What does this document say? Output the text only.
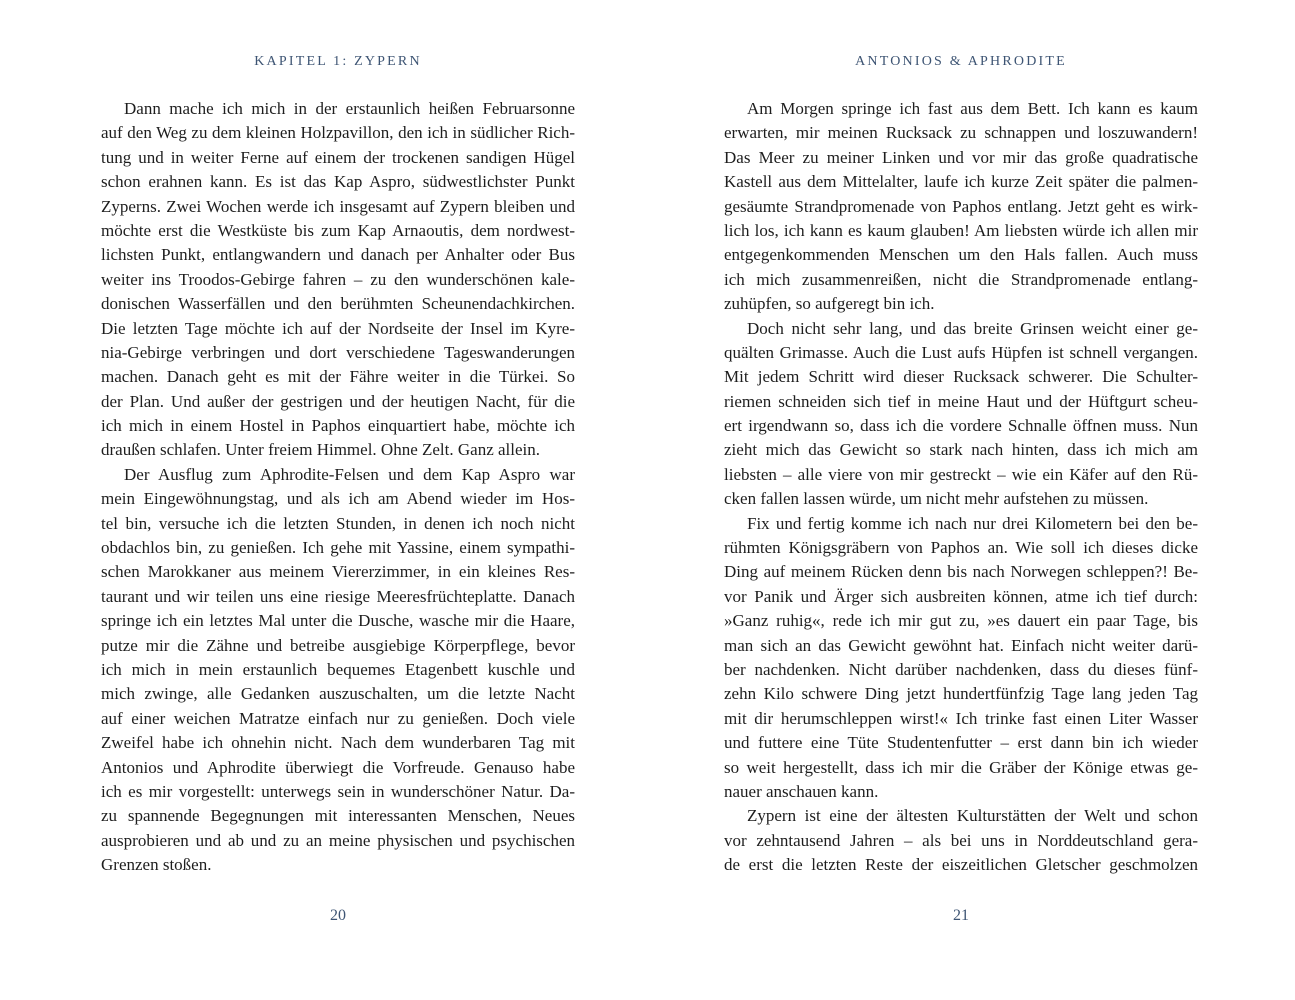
KAPITEL 1: ZYPERN
Dann mache ich mich in der erstaunlich heißen Februarsonne
auf den Weg zu dem kleinen Holzpavillon, den ich in südlicher Rich-
tung und in weiter Ferne auf einem der trockenen sandigen Hügel
schon erahnen kann. Es ist das Kap Aspro, südwestlichster Punkt
Zyperns. Zwei Wochen werde ich insgesamt auf Zypern bleiben und
möchte erst die Westküste bis zum Kap Arnaoutis, dem nordwest-
lichsten Punkt, entlangwandern und danach per Anhalter oder Bus
weiter ins Troodos-Gebirge fahren – zu den wunderschönen kale-
donischen Wasserfällen und den berühmten Scheunendachkirchen.
Die letzten Tage möchte ich auf der Nordseite der Insel im Kyre-
nia-Gebirge verbringen und dort verschiedene Tageswanderungen
machen. Danach geht es mit der Fähre weiter in die Türkei. So
der Plan. Und außer der gestrigen und der heutigen Nacht, für die
ich mich in einem Hostel in Paphos einquartiert habe, möchte ich
draußen schlafen. Unter freiem Himmel. Ohne Zelt. Ganz allein.
Der Ausflug zum Aphrodite-Felsen und dem Kap Aspro war
mein Eingewöhnungstag, und als ich am Abend wieder im Hos-
tel bin, versuche ich die letzten Stunden, in denen ich noch nicht
obdachlos bin, zu genießen. Ich gehe mit Yassine, einem sympathi-
schen Marokkaner aus meinem Viererzimmer, in ein kleines Res-
taurant und wir teilen uns eine riesige Meeresfrüchteplatte. Danach
springe ich ein letztes Mal unter die Dusche, wasche mir die Haare,
putze mir die Zähne und betreibe ausgiebige Körperpflege, bevor
ich mich in mein erstaunlich bequemes Etagenbett kuschle und
mich zwinge, alle Gedanken auszuschalten, um die letzte Nacht
auf einer weichen Matratze einfach nur zu genießen. Doch viele
Zweifel habe ich ohnehin nicht. Nach dem wunderbaren Tag mit
Antonios und Aphrodite überwiegt die Vorfreude. Genauso habe
ich es mir vorgestellt: unterwegs sein in wunderschöner Natur. Da-
zu spannende Begegnungen mit interessanten Menschen, Neues
ausprobieren und ab und zu an meine physischen und psychischen
Grenzen stoßen.
20
ANTONIOS & APHRODITE
Am Morgen springe ich fast aus dem Bett. Ich kann es kaum
erwarten, mir meinen Rucksack zu schnappen und loszuwandern!
Das Meer zu meiner Linken und vor mir das große quadratische
Kastell aus dem Mittelalter, laufe ich kurze Zeit später die palmen-
gesäumte Strandpromenade von Paphos entlang. Jetzt geht es wirk-
lich los, ich kann es kaum glauben! Am liebsten würde ich allen mir
entgegenkommenden Menschen um den Hals fallen. Auch muss
ich mich zusammenreißen, nicht die Strandpromenade entlang-
zuhüpfen, so aufgeregt bin ich.
Doch nicht sehr lang, und das breite Grinsen weicht einer ge-
quälten Grimasse. Auch die Lust aufs Hüpfen ist schnell vergangen.
Mit jedem Schritt wird dieser Rucksack schwerer. Die Schulter-
riemen schneiden sich tief in meine Haut und der Hüftgurt scheu-
ert irgendwann so, dass ich die vordere Schnalle öffnen muss. Nun
zieht mich das Gewicht so stark nach hinten, dass ich mich am
liebsten – alle viere von mir gestreckt – wie ein Käfer auf den Rü-
cken fallen lassen würde, um nicht mehr aufstehen zu müssen.
Fix und fertig komme ich nach nur drei Kilometern bei den be-
rühmten Königsgräbern von Paphos an. Wie soll ich dieses dicke
Ding auf meinem Rücken denn bis nach Norwegen schleppen?! Be-
vor Panik und Ärger sich ausbreiten können, atme ich tief durch:
»Ganz ruhig«, rede ich mir gut zu, »es dauert ein paar Tage, bis
man sich an das Gewicht gewöhnt hat. Einfach nicht weiter darü-
ber nachdenken. Nicht darüber nachdenken, dass du dieses fünf-
zehn Kilo schwere Ding jetzt hundertfünfzig Tage lang jeden Tag
mit dir herumschleppen wirst!« Ich trinke fast einen Liter Wasser
und futtere eine Tüte Studentenfutter – erst dann bin ich wieder
so weit hergestellt, dass ich mir die Gräber der Könige etwas ge-
nauer anschauen kann.
Zypern ist eine der ältesten Kulturstätten der Welt und schon
vor zehntausend Jahren – als bei uns in Norddeutschland gera-
de erst die letzten Reste der eiszeitlichen Gletscher geschmolzen
21
